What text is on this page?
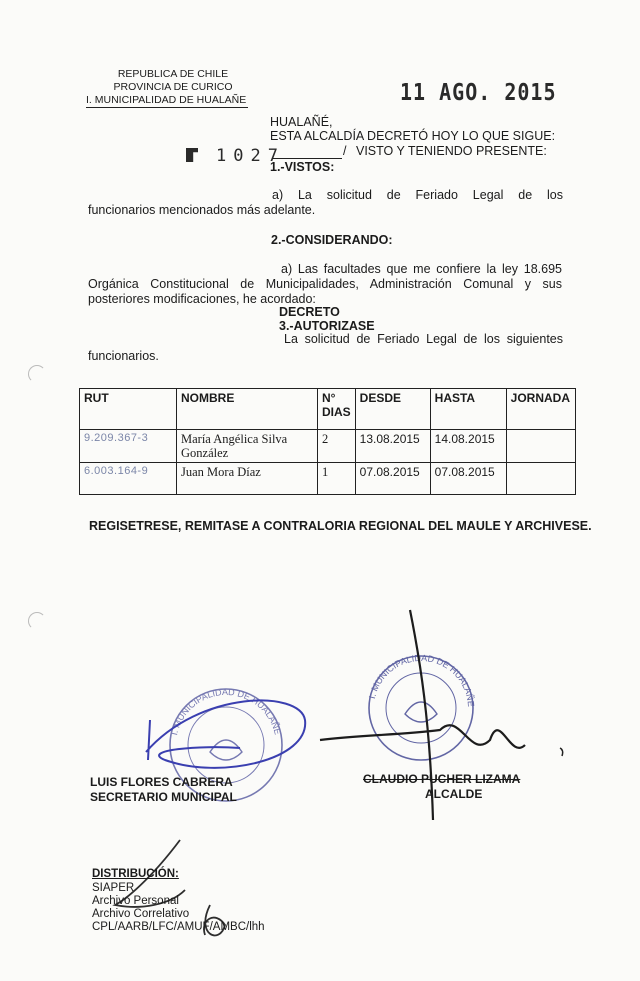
REPUBLICA DE CHILE
PROVINCIA DE CURICO
I. MUNICIPALIDAD DE HUALAÑE	11 AGO. 2015
HUALAÑÉ,
ESTA ALCALDÍA DECRETÓ HOY LO QUE SIGUE:
1027	/ VISTO Y TENIENDO PRESENTE:
1.-VISTOS:
a) La solicitud de Feriado Legal de los
funcionarios mencionados más adelante.
2.-CONSIDERANDO:
a) Las facultades que me confiere la ley 18.695
Orgánica Constitucional de Municipalidades, Administración Comunal y sus
posteriores modificaciones, he acordado:
DECRETO
3.-AUTORIZASE
La solicitud de Feriado Legal de los siguientes
funcionarios.
RUT	NOMBRE	N° DIAS	DESDE	HASTA	JORNADA
9.209.367-3	María Angélica Silva González	2	13.08.2015	14.08.2015	
6.003.164-9	Juan Mora Díaz	1	07.08.2015	07.08.2015	
REGISETRESE, REMITASE A CONTRALORIA REGIONAL DEL MAULE Y ARCHIVESE.
I. MUNICIPALIDAD DE HUALAÑE
I. MUNICIPALIDAD DE HUALAÑE
LUIS FLORES CABRERA
SECRETARIO MUNICIPAL
CLAUDIO PUCHER LIZAMA
ALCALDE
DISTRIBUCIÓN:
SIAPER
Archivo Personal
Archivo Correlativo
CPL/AARB/LFC/AMUF/AMBC/lhh
